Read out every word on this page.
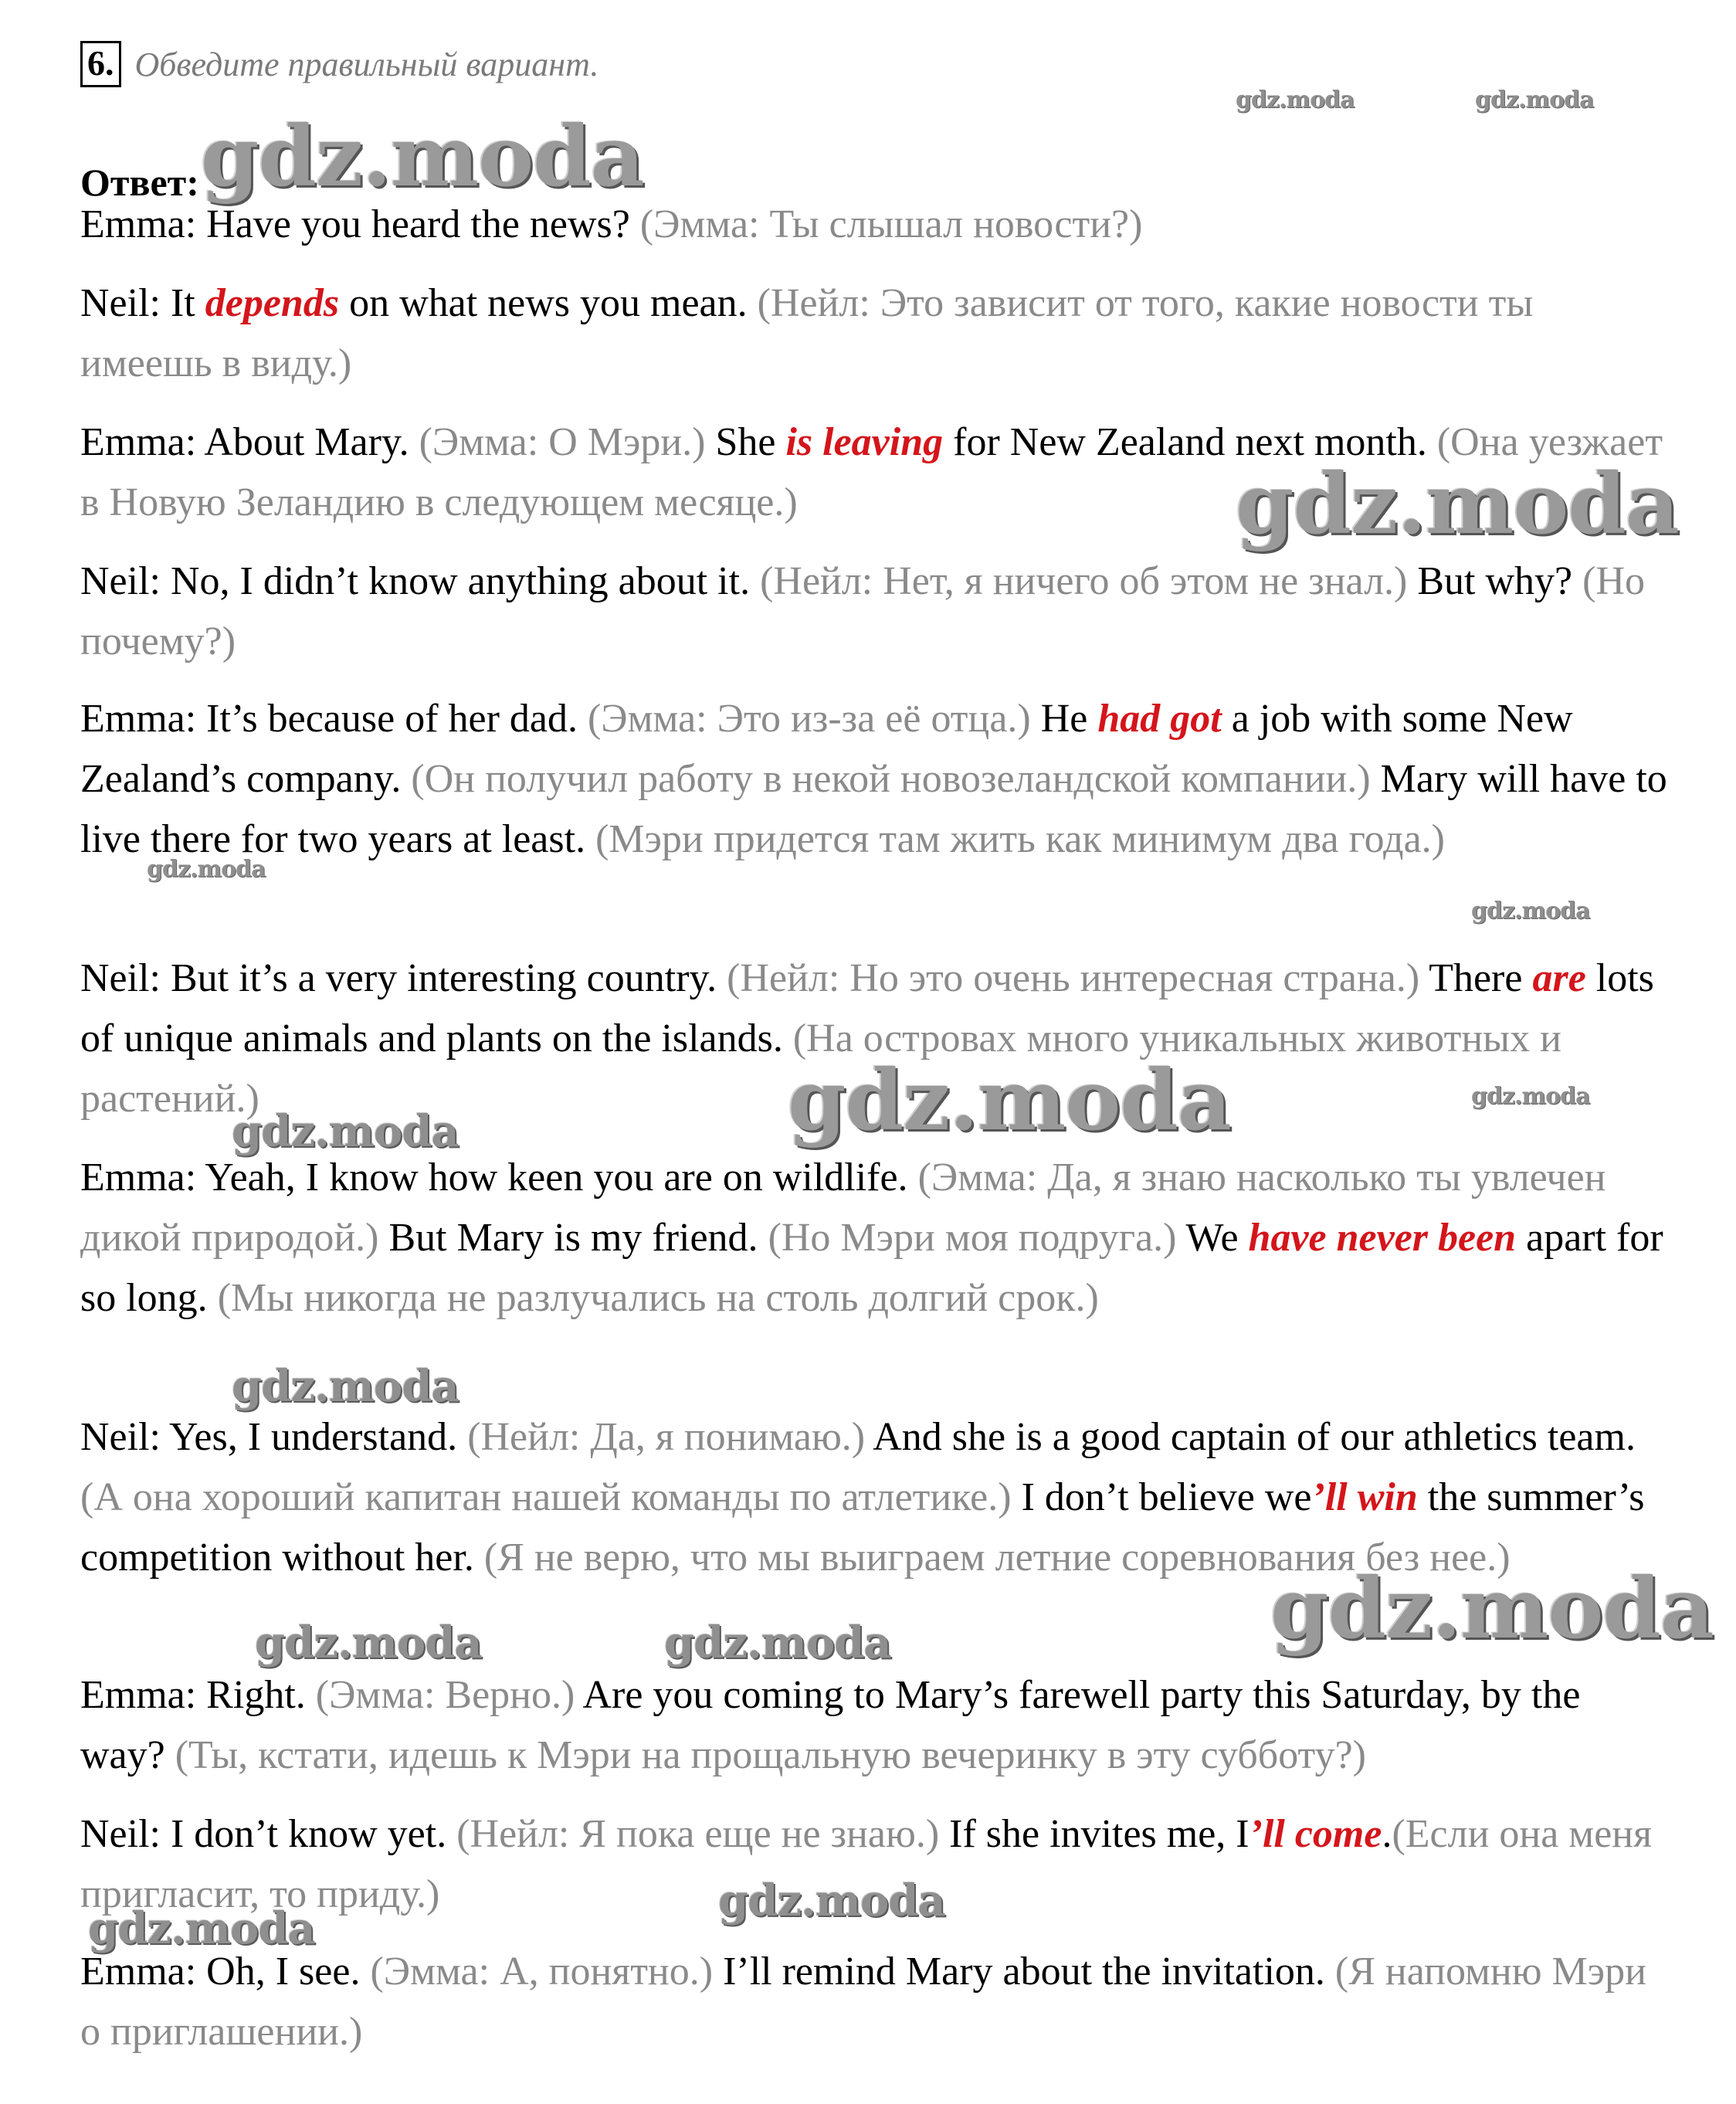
6. Обведите правильный вариант.
Ответ: gdz.moda

Emma: Have you heard the news? (Эмма: Ты слышал новости?)

Neil: It depends on what news you mean. (Нейл: Это зависит от того, какие новости ты имеешь в виду.)

Emma: About Mary. (Эмма: О Мэри.) She is leaving for New Zealand next month. (Она уезжает в Новую Зеландию в следующем месяце.)

Neil: No, I didn’t know anything about it. (Нейл: Нет, я ничего об этом не знал.) But why? (Но почему?)

Emma: It’s because of her dad. (Эмма: Это из-за её отца.) He had got a job with some New Zealand’s company. (Он получил работу в некой новозеландской компании.) Mary will have to live there for two years at least. (Мэри придется там жить как минимум два года.)

Neil: But it’s a very interesting country. (Нейл: Но это очень интересная страна.) There are lots of unique animals and plants on the islands. (На островах много уникальных животных и растений.)

Emma: Yeah, I know how keen you are on wildlife. (Эмма: Да, я знаю насколько ты увлечен дикой природой.) But Mary is my friend. (Но Мэри моя подруга.) We have never been apart for so long. (Мы никогда не разлучались на столь долгий срок.)

Neil: Yes, I understand. (Нейл: Да, я понимаю.) And she is a good captain of our athletics team. (А она хороший капитан нашей команды по атлетике.) I don’t believe we’ll win the summer’s competition without her. (Я не верю, что мы выиграем летние соревнования без нее.)

Emma: Right. (Эмма: Верно.) Are you coming to Mary’s farewell party this Saturday, by the way? (Ты, кстати, идешь к Мэри на прощальную вечеринку в эту субботу?)

Neil: I don’t know yet. (Нейл: Я пока еще не знаю.) If she invites me, I’ll come.(Если она меня пригласит, то приду.)

Emma: Oh, I see. (Эмма: А, понятно.) I’ll remind Mary about the invitation. (Я напомню Мэри о приглашении.)

gdz.moda	gdz.moda
gdz.moda
gdz.moda
gdz.moda
gdz.moda	gdz.moda
gdz.moda
gdz.moda
gdz.moda
gdz.moda	gdz.moda
gdz.moda
gdz.moda
